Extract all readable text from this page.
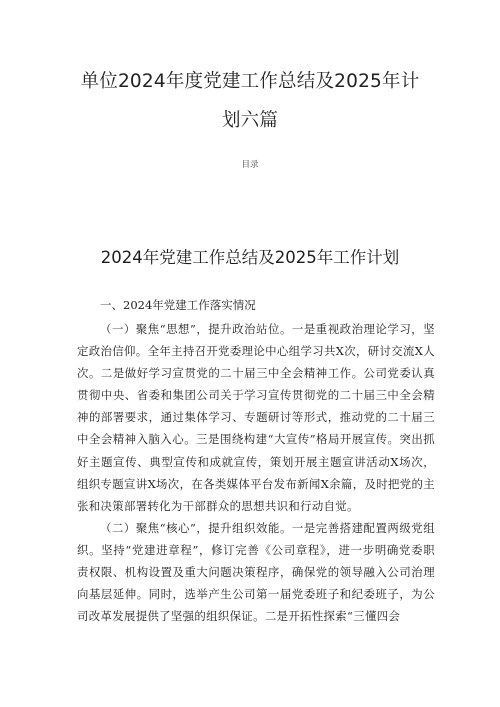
单位2024年度党建工作总结及2025年计
划六篇
目录
2024年党建工作总结及2025年工作计划
一、2024年党建工作落实情况

（一）聚焦“思想”，提升政治站位。一是重视政治理论学习，坚定政治信仰。全年主持召开党委理论中心组学习共X次，研讨交流X人次。二是做好学习宣贯党的二十届三中全会精神工作。公司党委认真贯彻中央、省委和集团公司关于学习宣传贯彻党的二十届三中全会精神的部署要求，通过集体学习、专题研讨等形式，推动党的二十届三中全会精神入脑入心。三是围绕构建“大宣传”格局开展宣传。突出抓好主题宣传、典型宣传和成就宣传，策划开展主题宣讲活动X场次，组织专题宣讲X场次，在各类媒体平台发布新闻X余篇，及时把党的主张和决策部署转化为干部群众的思想共识和行动自觉。

（二）聚焦“核心”，提升组织效能。一是完善搭建配置两级党组织。坚持“党建进章程”，修订完善《公司章程》，进一步明确党委职责权限、机构设置及重大问题决策程序，确保党的领导融入公司治理向基层延伸。同时，选举产生公司第一届党委班子和纪委班子，为公司改革发展提供了坚强的组织保证。二是开拓性探索“三懂四会
